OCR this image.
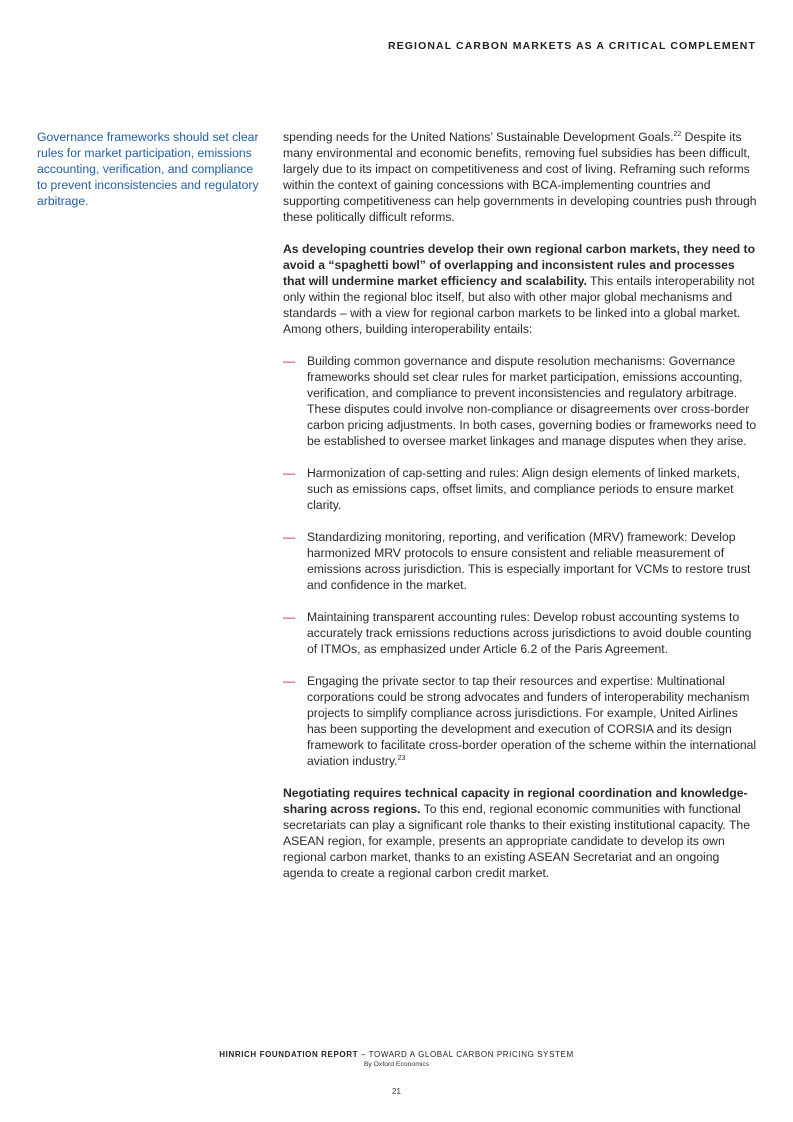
REGIONAL CARBON MARKETS AS A CRITICAL COMPLEMENT
Governance frameworks should set clear rules for market participation, emissions accounting, verification, and compliance to prevent inconsistencies and regulatory arbitrage.

spending needs for the United Nations’ Sustainable Development Goals.$^{22}$ Despite its many environmental and economic benefits, removing fuel subsidies has been difficult, largely due to its impact on competitiveness and cost of living. Reframing such reforms within the context of gaining concessions with BCA-implementing countries and supporting competitiveness can help governments in developing countries push through these politically difficult reforms.

As developing countries develop their own regional carbon markets, they need to avoid a “spaghetti bowl” of overlapping and inconsistent rules and processes that will undermine market efficiency and scalability. This entails interoperability not only within the regional bloc itself, but also with other major global mechanisms and standards – with a view for regional carbon markets to be linked into a global market. Among others, building interoperability entails:

— Building common governance and dispute resolution mechanisms: Governance frameworks should set clear rules for market participation, emissions accounting, verification, and compliance to prevent inconsistencies and regulatory arbitrage. These disputes could involve non-compliance or disagreements over cross-border carbon pricing adjustments. In both cases, governing bodies or frameworks need to be established to oversee market linkages and manage disputes when they arise.
— Harmonization of cap-setting and rules: Align design elements of linked markets, such as emissions caps, offset limits, and compliance periods to ensure market clarity.
— Standardizing monitoring, reporting, and verification (MRV) framework: Develop harmonized MRV protocols to ensure consistent and reliable measurement of emissions across jurisdiction. This is especially important for VCMs to restore trust and confidence in the market.
— Maintaining transparent accounting rules: Develop robust accounting systems to accurately track emissions reductions across jurisdictions to avoid double counting of ITMOs, as emphasized under Article 6.2 of the Paris Agreement.
— Engaging the private sector to tap their resources and expertise: Multinational corporations could be strong advocates and funders of interoperability mechanism projects to simplify compliance across jurisdictions. For example, United Airlines has been supporting the development and execution of CORSIA and its design framework to facilitate cross-border operation of the scheme within the international aviation industry.$^{23}$

Negotiating requires technical capacity in regional coordination and knowledge-sharing across regions. To this end, regional economic communities with functional secretariats can play a significant role thanks to their existing institutional capacity. The ASEAN region, for example, presents an appropriate candidate to develop its own regional carbon market, thanks to an existing ASEAN Secretariat and an ongoing agenda to create a regional carbon credit market.

HINRICH FOUNDATION REPORT – TOWARD A GLOBAL CARBON PRICING SYSTEM
By Oxford Economics
21
